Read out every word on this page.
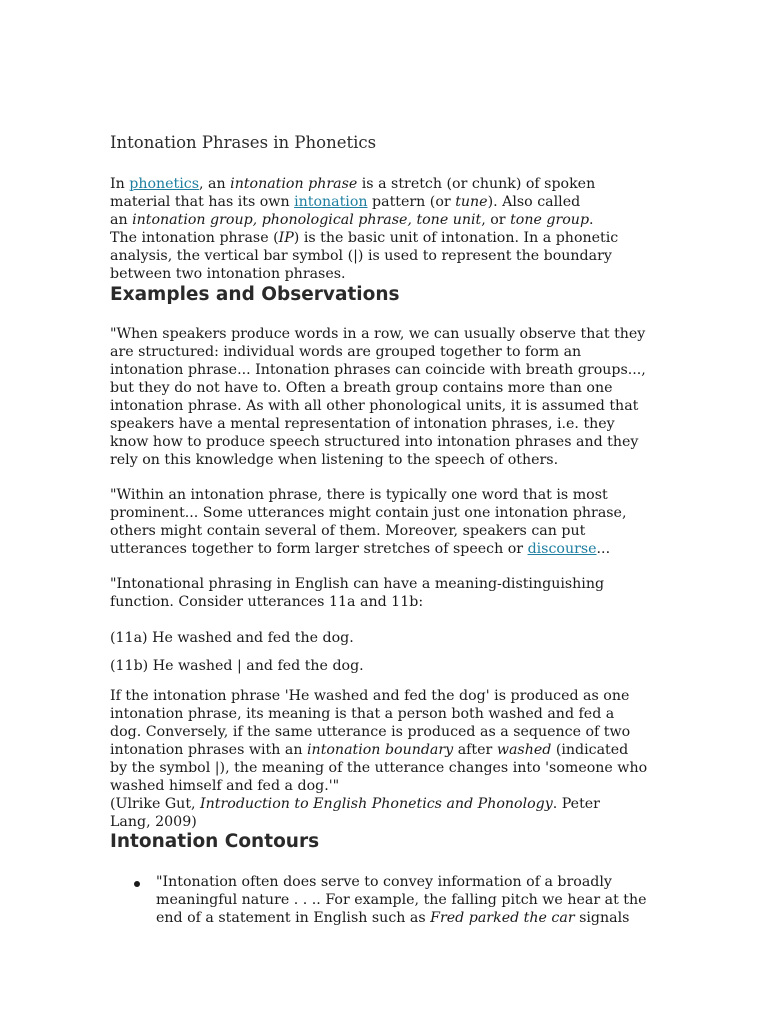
Intonation Phrases in Phonetics

In phonetics, an intonation phrase is a stretch (or chunk) of spoken
material that has its own intonation pattern (or tune). Also called
an intonation group, phonological phrase, tone unit, or tone group.
The intonation phrase (IP) is the basic unit of intonation. In a phonetic
analysis, the vertical bar symbol (|) is used to represent the boundary
between two intonation phrases.

Examples and Observations

"When speakers produce words in a row, we can usually observe that they
are structured: individual words are grouped together to form an
intonation phrase... Intonation phrases can coincide with breath groups...,
but they do not have to. Often a breath group contains more than one
intonation phrase. As with all other phonological units, it is assumed that
speakers have a mental representation of intonation phrases, i.e. they
know how to produce speech structured into intonation phrases and they
rely on this knowledge when listening to the speech of others.

"Within an intonation phrase, there is typically one word that is most
prominent... Some utterances might contain just one intonation phrase,
others might contain several of them. Moreover, speakers can put
utterances together to form larger stretches of speech or discourse...

"Intonational phrasing in English can have a meaning-distinguishing
function. Consider utterances 11a and 11b:

(11a) He washed and fed the dog.

(11b) He washed | and fed the dog.

If the intonation phrase 'He washed and fed the dog' is produced as one
intonation phrase, its meaning is that a person both washed and fed a
dog. Conversely, if the same utterance is produced as a sequence of two
intonation phrases with an intonation boundary after washed (indicated
by the symbol |), the meaning of the utterance changes into 'someone who
washed himself and fed a dog.'"
(Ulrike Gut, Introduction to English Phonetics and Phonology. Peter
Lang, 2009)

Intonation Contours
"Intonation often does serve to convey information of a broadly
meaningful nature . . .. For example, the falling pitch we hear at the
end of a statement in English such as Fred parked the car signals
